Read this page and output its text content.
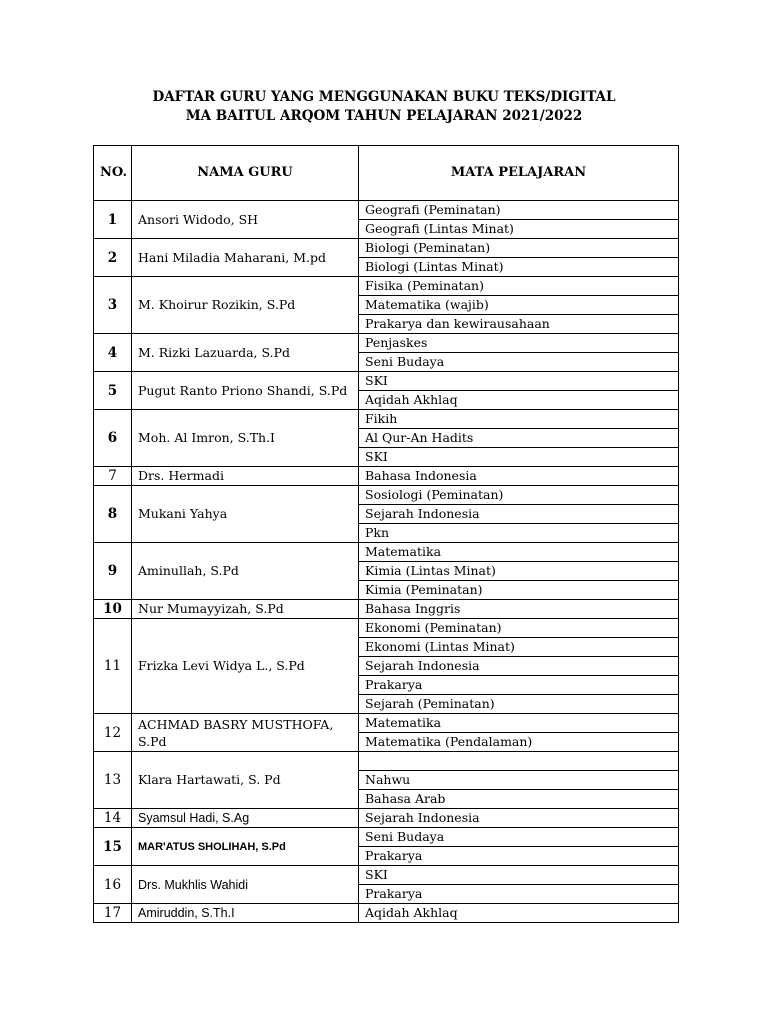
DAFTAR GURU YANG MENGGUNAKAN BUKU TEKS/DIGITAL
MA BAITUL ARQOM TAHUN PELAJARAN 2021/2022
NO.	NAMA GURU	MATA PELAJARAN
1	Ansori Widodo, SH	Geografi (Peminatan)
		Geografi (Lintas Minat)
2	Hani Miladia Maharani, M.pd	Biologi (Peminatan)
		Biologi (Lintas Minat)
3	M. Khoirur Rozikin, S.Pd	Fisika (Peminatan)
		Matematika (wajib)
		Prakarya dan kewirausahaan
4	M. Rizki Lazuarda, S.Pd	Penjaskes
		Seni Budaya
5	Pugut Ranto Priono Shandi, S.Pd	SKI
		Aqidah Akhlaq
6	Moh. Al Imron, S.Th.I	Fikih
		Al Qur-An Hadits
		SKI
7	Drs. Hermadi	Bahasa Indonesia
8	Mukani Yahya	Sosiologi (Peminatan)
		Sejarah Indonesia
		Pkn
9	Aminullah, S.Pd	Matematika
		Kimia (Lintas Minat)
		Kimia (Peminatan)
10	Nur Mumayyizah, S.Pd	Bahasa Inggris
11	Frizka Levi Widya L., S.Pd	Ekonomi (Peminatan)
		Ekonomi (Lintas Minat)
		Sejarah Indonesia
		Prakarya
		Sejarah (Peminatan)
12	ACHMAD BASRY MUSTHOFA, S.Pd	Matematika
		Matematika (Pendalaman)
13	Klara Hartawati, S. Pd	
		Nahwu
		Bahasa Arab
14	Syamsul Hadi, S.Ag	Sejarah Indonesia
15	MAR'ATUS SHOLIHAH, S.Pd	Seni Budaya
		Prakarya
16	Drs. Mukhlis Wahidi	SKI
		Prakarya
17	Amiruddin, S.Th.I	Aqidah Akhlaq
